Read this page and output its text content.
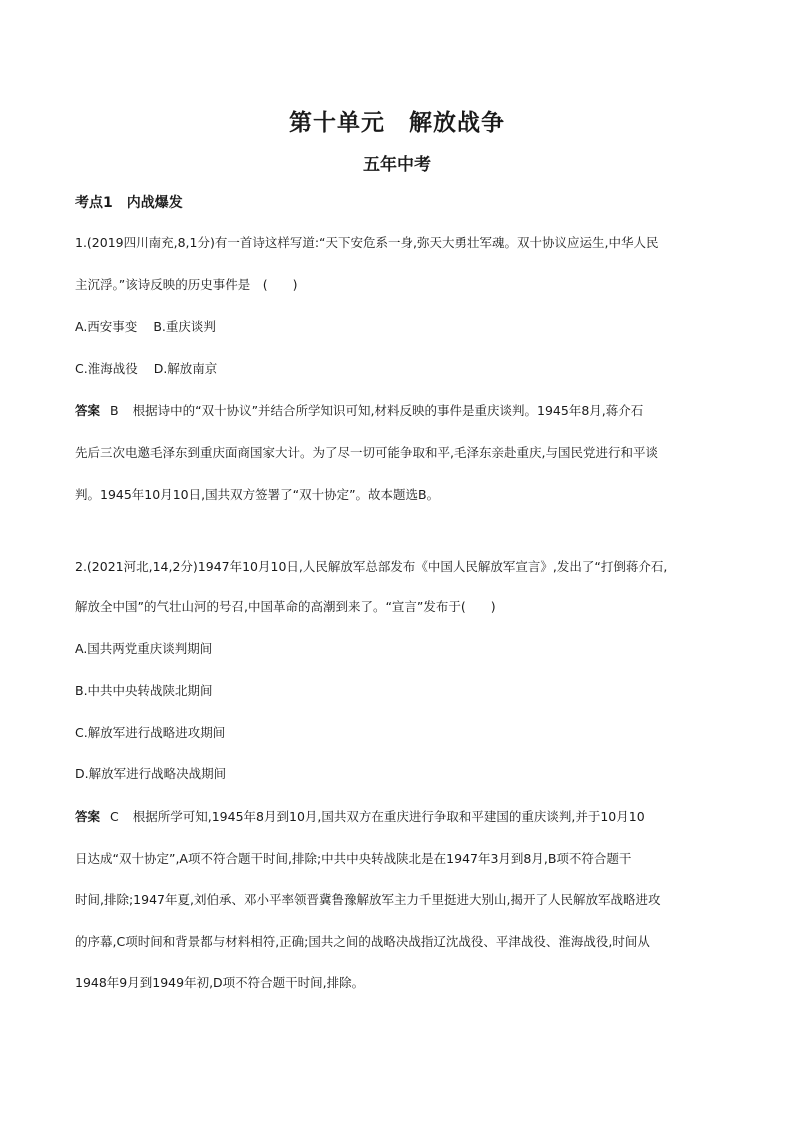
第十单元　解放战争
五年中考
考点1　内战爆发
1.(2019四川南充,8,1分)有一首诗这样写道:“天下安危系一身,弥天大勇壮军魂。双十协议应运生,中华人民
主沉浮。”该诗反映的历史事件是　(　　)
A.西安事变 B.重庆谈判
C.淮海战役 D.解放南京
答案 B 根据诗中的“双十协议”并结合所学知识可知,材料反映的事件是重庆谈判。1945年8月,蒋介石
先后三次电邀毛泽东到重庆面商国家大计。为了尽一切可能争取和平,毛泽东亲赴重庆,与国民党进行和平谈
判。1945年10月10日,国共双方签署了“双十协定”。故本题选B。
2.(2021河北,14,2分)1947年10月10日,人民解放军总部发布《中国人民解放军宣言》,发出了“打倒蒋介石,
解放全中国”的气壮山河的号召,中国革命的高潮到来了。“宣言”发布于(　　)
A.国共两党重庆谈判期间
B.中共中央转战陕北期间
C.解放军进行战略进攻期间
D.解放军进行战略决战期间
答案 C 根据所学可知,1945年8月到10月,国共双方在重庆进行争取和平建国的重庆谈判,并于10月10
日达成“双十协定”,A项不符合题干时间,排除;中共中央转战陕北是在1947年3月到8月,B项不符合题干
时间,排除;1947年夏,刘伯承、邓小平率领晋冀鲁豫解放军主力千里挺进大别山,揭开了人民解放军战略进攻
的序幕,C项时间和背景都与材料相符,正确;国共之间的战略决战指辽沈战役、平津战役、淮海战役,时间从
1948年9月到1949年初,D项不符合题干时间,排除。
